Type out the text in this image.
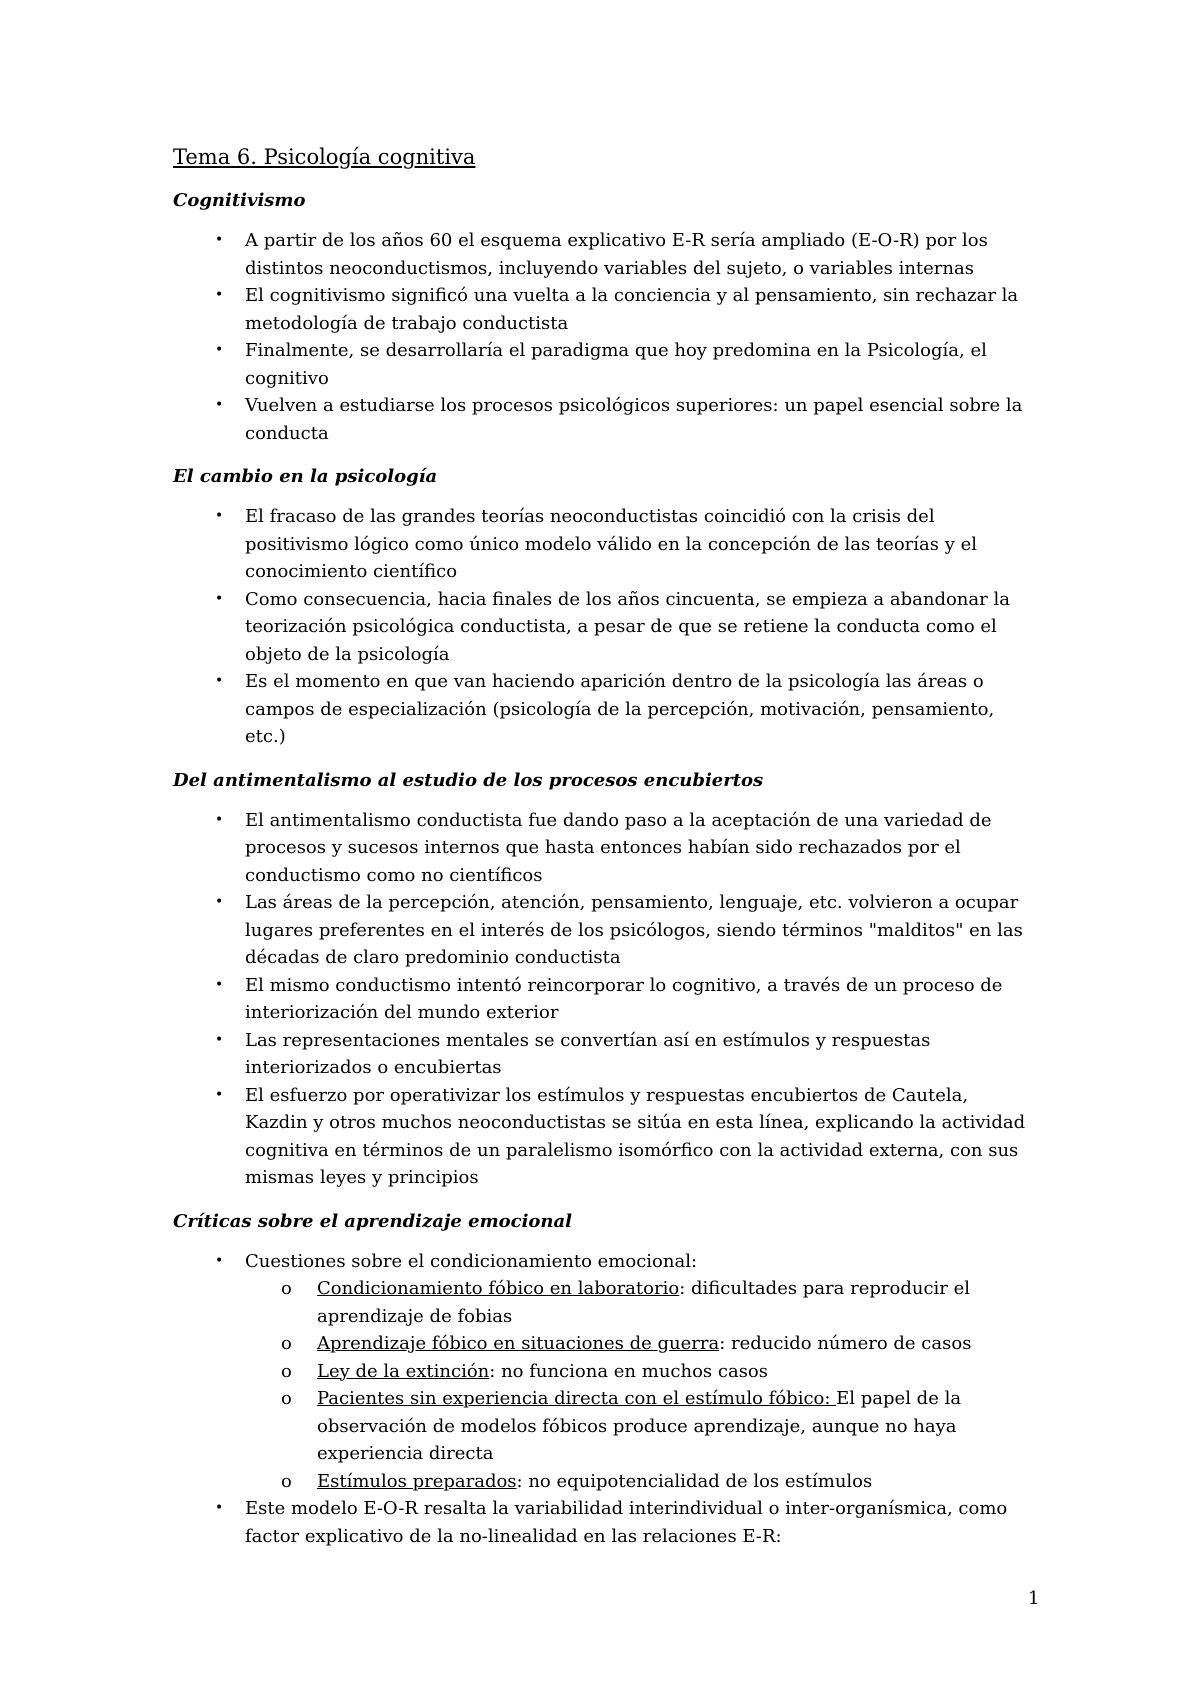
Tema 6. Psicología cognitiva
Cognitivismo
• A partir de los años 60 el esquema explicativo E-R sería ampliado (E-O-R) por los distintos neoconductismos, incluyendo variables del sujeto, o variables internas
• El cognitivismo significó una vuelta a la conciencia y al pensamiento, sin rechazar la metodología de trabajo conductista
• Finalmente, se desarrollaría el paradigma que hoy predomina en la Psicología, el cognitivo
• Vuelven a estudiarse los procesos psicológicos superiores: un papel esencial sobre la conducta
El cambio en la psicología
• El fracaso de las grandes teorías neoconductistas coincidió con la crisis del positivismo lógico como único modelo válido en la concepción de las teorías y el conocimiento científico
• Como consecuencia, hacia finales de los años cincuenta, se empieza a abandonar la teorización psicológica conductista, a pesar de que se retiene la conducta como el objeto de la psicología
• Es el momento en que van haciendo aparición dentro de la psicología las áreas o campos de especialización (psicología de la percepción, motivación, pensamiento, etc.)
Del antimentalismo al estudio de los procesos encubiertos
• El antimentalismo conductista fue dando paso a la aceptación de una variedad de procesos y sucesos internos que hasta entonces habían sido rechazados por el conductismo como no científicos
• Las áreas de la percepción, atención, pensamiento, lenguaje, etc. volvieron a ocupar lugares preferentes en el interés de los psicólogos, siendo términos "malditos" en las décadas de claro predominio conductista
• El mismo conductismo intentó reincorporar lo cognitivo, a través de un proceso de interiorización del mundo exterior
• Las representaciones mentales se convertían así en estímulos y respuestas interiorizados o encubiertas
• El esfuerzo por operativizar los estímulos y respuestas encubiertos de Cautela, Kazdin y otros muchos neoconductistas se sitúa en esta línea, explicando la actividad cognitiva en términos de un paralelismo isomórfico con la actividad externa, con sus mismas leyes y principios
Críticas sobre el aprendizaje emocional
• Cuestiones sobre el condicionamiento emocional:
o Condicionamiento fóbico en laboratorio: dificultades para reproducir el aprendizaje de fobias
o Aprendizaje fóbico en situaciones de guerra: reducido número de casos
o Ley de la extinción: no funciona en muchos casos
o Pacientes sin experiencia directa con el estímulo fóbico: El papel de la observación de modelos fóbicos produce aprendizaje, aunque no haya experiencia directa
o Estímulos preparados: no equipotencialidad de los estímulos
• Este modelo E-O-R resalta la variabilidad interindividual o inter-organísmica, como factor explicativo de la no-linealidad en las relaciones E-R:
1
